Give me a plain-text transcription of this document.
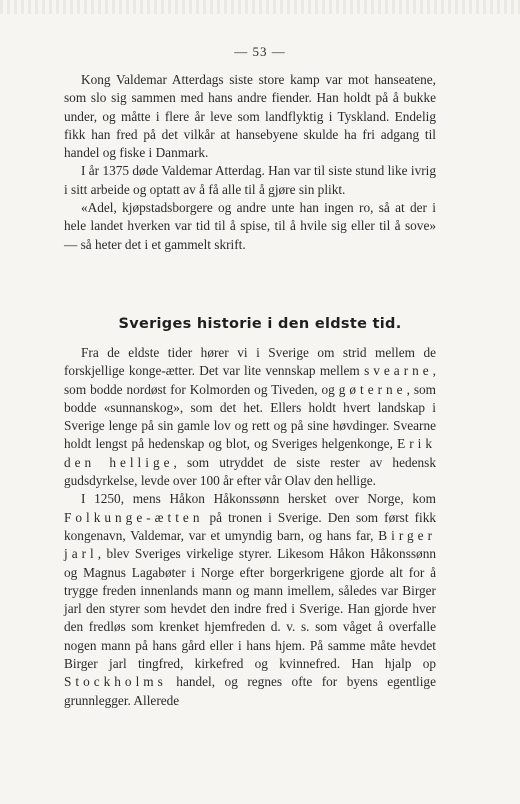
— 53 —

Kong Valdemar Atterdags siste store kamp var mot hanseatene, som slo sig sammen med hans andre fiender. Han holdt på å bukke under, og måtte i flere år leve som landflyktig i Tyskland. Endelig fikk han fred på det vilkår at hansebyene skulde ha fri adgang til handel og fiske i Danmark.

I år 1375 døde Valdemar Atterdag. Han var til siste stund like ivrig i sitt arbeide og optatt av å få alle til å gjøre sin plikt.

«Adel, kjøpstadsborgere og andre unte han ingen ro, så at der i hele landet hverken var tid til å spise, til å hvile sig eller til å sove» — så heter det i et gammelt skrift.

Sveriges historie i den eldste tid.

Fra de eldste tider hører vi i Sverige om strid mellem de forskjellige konge-ætter. Det var lite vennskap mellem svearne, som bodde nordøst for Kolmorden og Tiveden, og gøterne, som bodde «sunnanskog», som det het. Ellers holdt hvert landskap i Sverige lenge på sin gamle lov og rett og på sine høvdinger. Svearne holdt lengst på hedenskap og blot, og Sveriges helgenkonge, Erik den hellige, som utryddet de siste rester av hedensk gudsdyrkelse, levde over 100 år efter vår Olav den hellige.

I 1250, mens Håkon Håkonssønn hersket over Norge, kom Folkunge-ætten på tronen i Sverige. Den som først fikk kongenavn, Valdemar, var et umyndig barn, og hans far, Birger jarl, blev Sveriges virkelige styrer. Likesom Håkon Håkonssønn og Magnus Lagabøter i Norge efter borgerkrigene gjorde alt for å trygge freden innenlands mann og mann imellem, således var Birger jarl den styrer som hevdet den indre fred i Sverige. Han gjorde hver den fredløs som krenket hjemfreden d. v. s. som våget å overfalle nogen mann på hans gård eller i hans hjem. På samme måte hevdet Birger jarl tingfred, kirkefred og kvinnefred. Han hjalp op Stockholms handel, og regnes ofte for byens egentlige grunnlegger. Allerede
